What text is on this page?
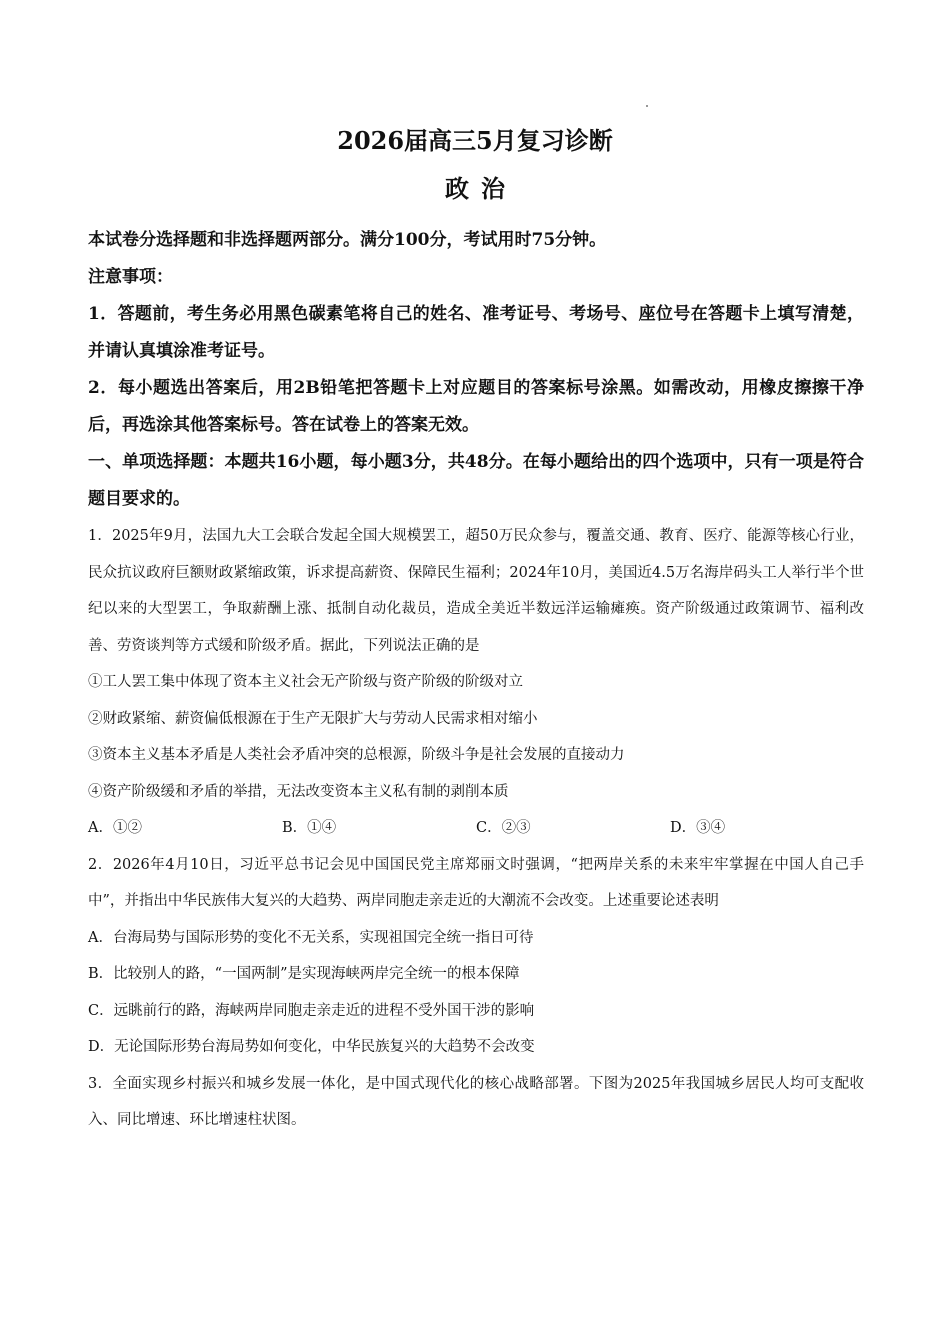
2026届高三5月复习诊断
政治

本试卷分选择题和非选择题两部分。满分100分，考试用时75分钟。

注意事项：

1．答题前，考生务必用黑色碳素笔将自己的姓名、准考证号、考场号、座位号在答题卡上填写清楚，并请认真填涂准考证号。

2．每小题选出答案后，用2B铅笔把答题卡上对应题目的答案标号涂黑。如需改动，用橡皮擦擦干净后，再选涂其他答案标号。答在试卷上的答案无效。

一、单项选择题：本题共16小题，每小题3分，共48分。在每小题给出的四个选项中，只有一项是符合题目要求的。

1．2025年9月，法国九大工会联合发起全国大规模罢工，超50万民众参与，覆盖交通、教育、医疗、能源等核心行业，民众抗议政府巨额财政紧缩政策，诉求提高薪资、保障民生福利；2024年10月，美国近4.5万名海岸码头工人举行半个世纪以来的大型罢工，争取薪酬上涨、抵制自动化裁员，造成全美近半数远洋运输瘫痪。资产阶级通过政策调节、福利改善、劳资谈判等方式缓和阶级矛盾。据此，下列说法正确的是

①工人罢工集中体现了资本主义社会无产阶级与资产阶级的阶级对立

②财政紧缩、薪资偏低根源在于生产无限扩大与劳动人民需求相对缩小

③资本主义基本矛盾是人类社会矛盾冲突的总根源，阶级斗争是社会发展的直接动力

④资产阶级缓和矛盾的举措，无法改变资本主义私有制的剥削本质

A．①②	B．①④	C．②③	D．③④

2．2026年4月10日，习近平总书记会见中国国民党主席郑丽文时强调，“把两岸关系的未来牢牢掌握在中国人自己手中”，并指出中华民族伟大复兴的大趋势、两岸同胞走亲走近的大潮流不会改变。上述重要论述表明

A．台海局势与国际形势的变化不无关系，实现祖国完全统一指日可待

B．比较别人的路，“一国两制”是实现海峡两岸完全统一的根本保障

C．远眺前行的路，海峡两岸同胞走亲走近的进程不受外国干涉的影响

D．无论国际形势台海局势如何变化，中华民族复兴的大趋势不会改变

3．全面实现乡村振兴和城乡发展一体化，是中国式现代化的核心战略部署。下图为2025年我国城乡居民人均可支配收入、同比增速、环比增速柱状图。
